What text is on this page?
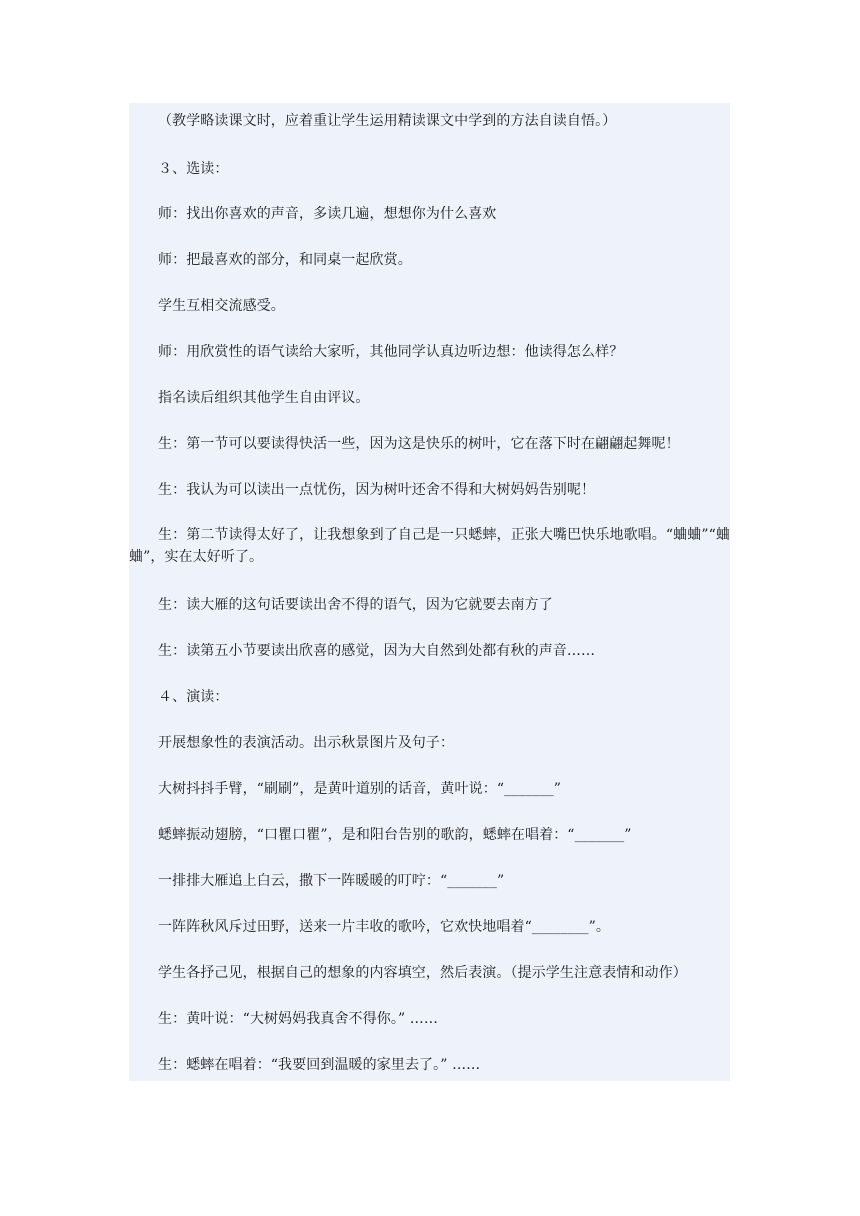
（教学略读课文时，应着重让学生运用精读课文中学到的方法自读自悟。）

３、选读：

师：找出你喜欢的声音，多读几遍，想想你为什么喜欢

师：把最喜欢的部分，和同桌一起欣赏。

学生互相交流感受。

师：用欣赏性的语气读给大家听，其他同学认真边听边想：他读得怎么样？

指名读后组织其他学生自由评议。

生：第一节可以要读得快活一些，因为这是快乐的树叶，它在落下时在翩翩起舞呢！

生：我认为可以读出一点忧伤，因为树叶还舍不得和大树妈妈告别呢！

生：第二节读得太好了，让我想象到了自己是一只蟋蟀，正张大嘴巴快乐地歌唱。“蛐蛐”“蛐蛐”，实在太好听了。

生：读大雁的这句话要读出舍不得的语气，因为它就要去南方了

生：读第五小节要读出欣喜的感觉，因为大自然到处都有秋的声音……

４、演读：

开展想象性的表演活动。出示秋景图片及句子：

大树抖抖手臂，“刷刷”，是黄叶道别的话音，黄叶说：“_______”

蟋蟀振动翅膀，“口瞿口瞿”，是和阳台告别的歌韵，蟋蟀在唱着：“_______”

一排排大雁追上白云，撒下一阵暖暖的叮咛：“_______”

一阵阵秋风斥过田野，送来一片丰收的歌吟，它欢快地唱着“________”。

学生各抒己见，根据自己的想象的内容填空，然后表演。（提示学生注意表情和动作）

生：黄叶说：“大树妈妈我真舍不得你。” ……

生：蟋蟀在唱着：“我要回到温暖的家里去了。” ……
